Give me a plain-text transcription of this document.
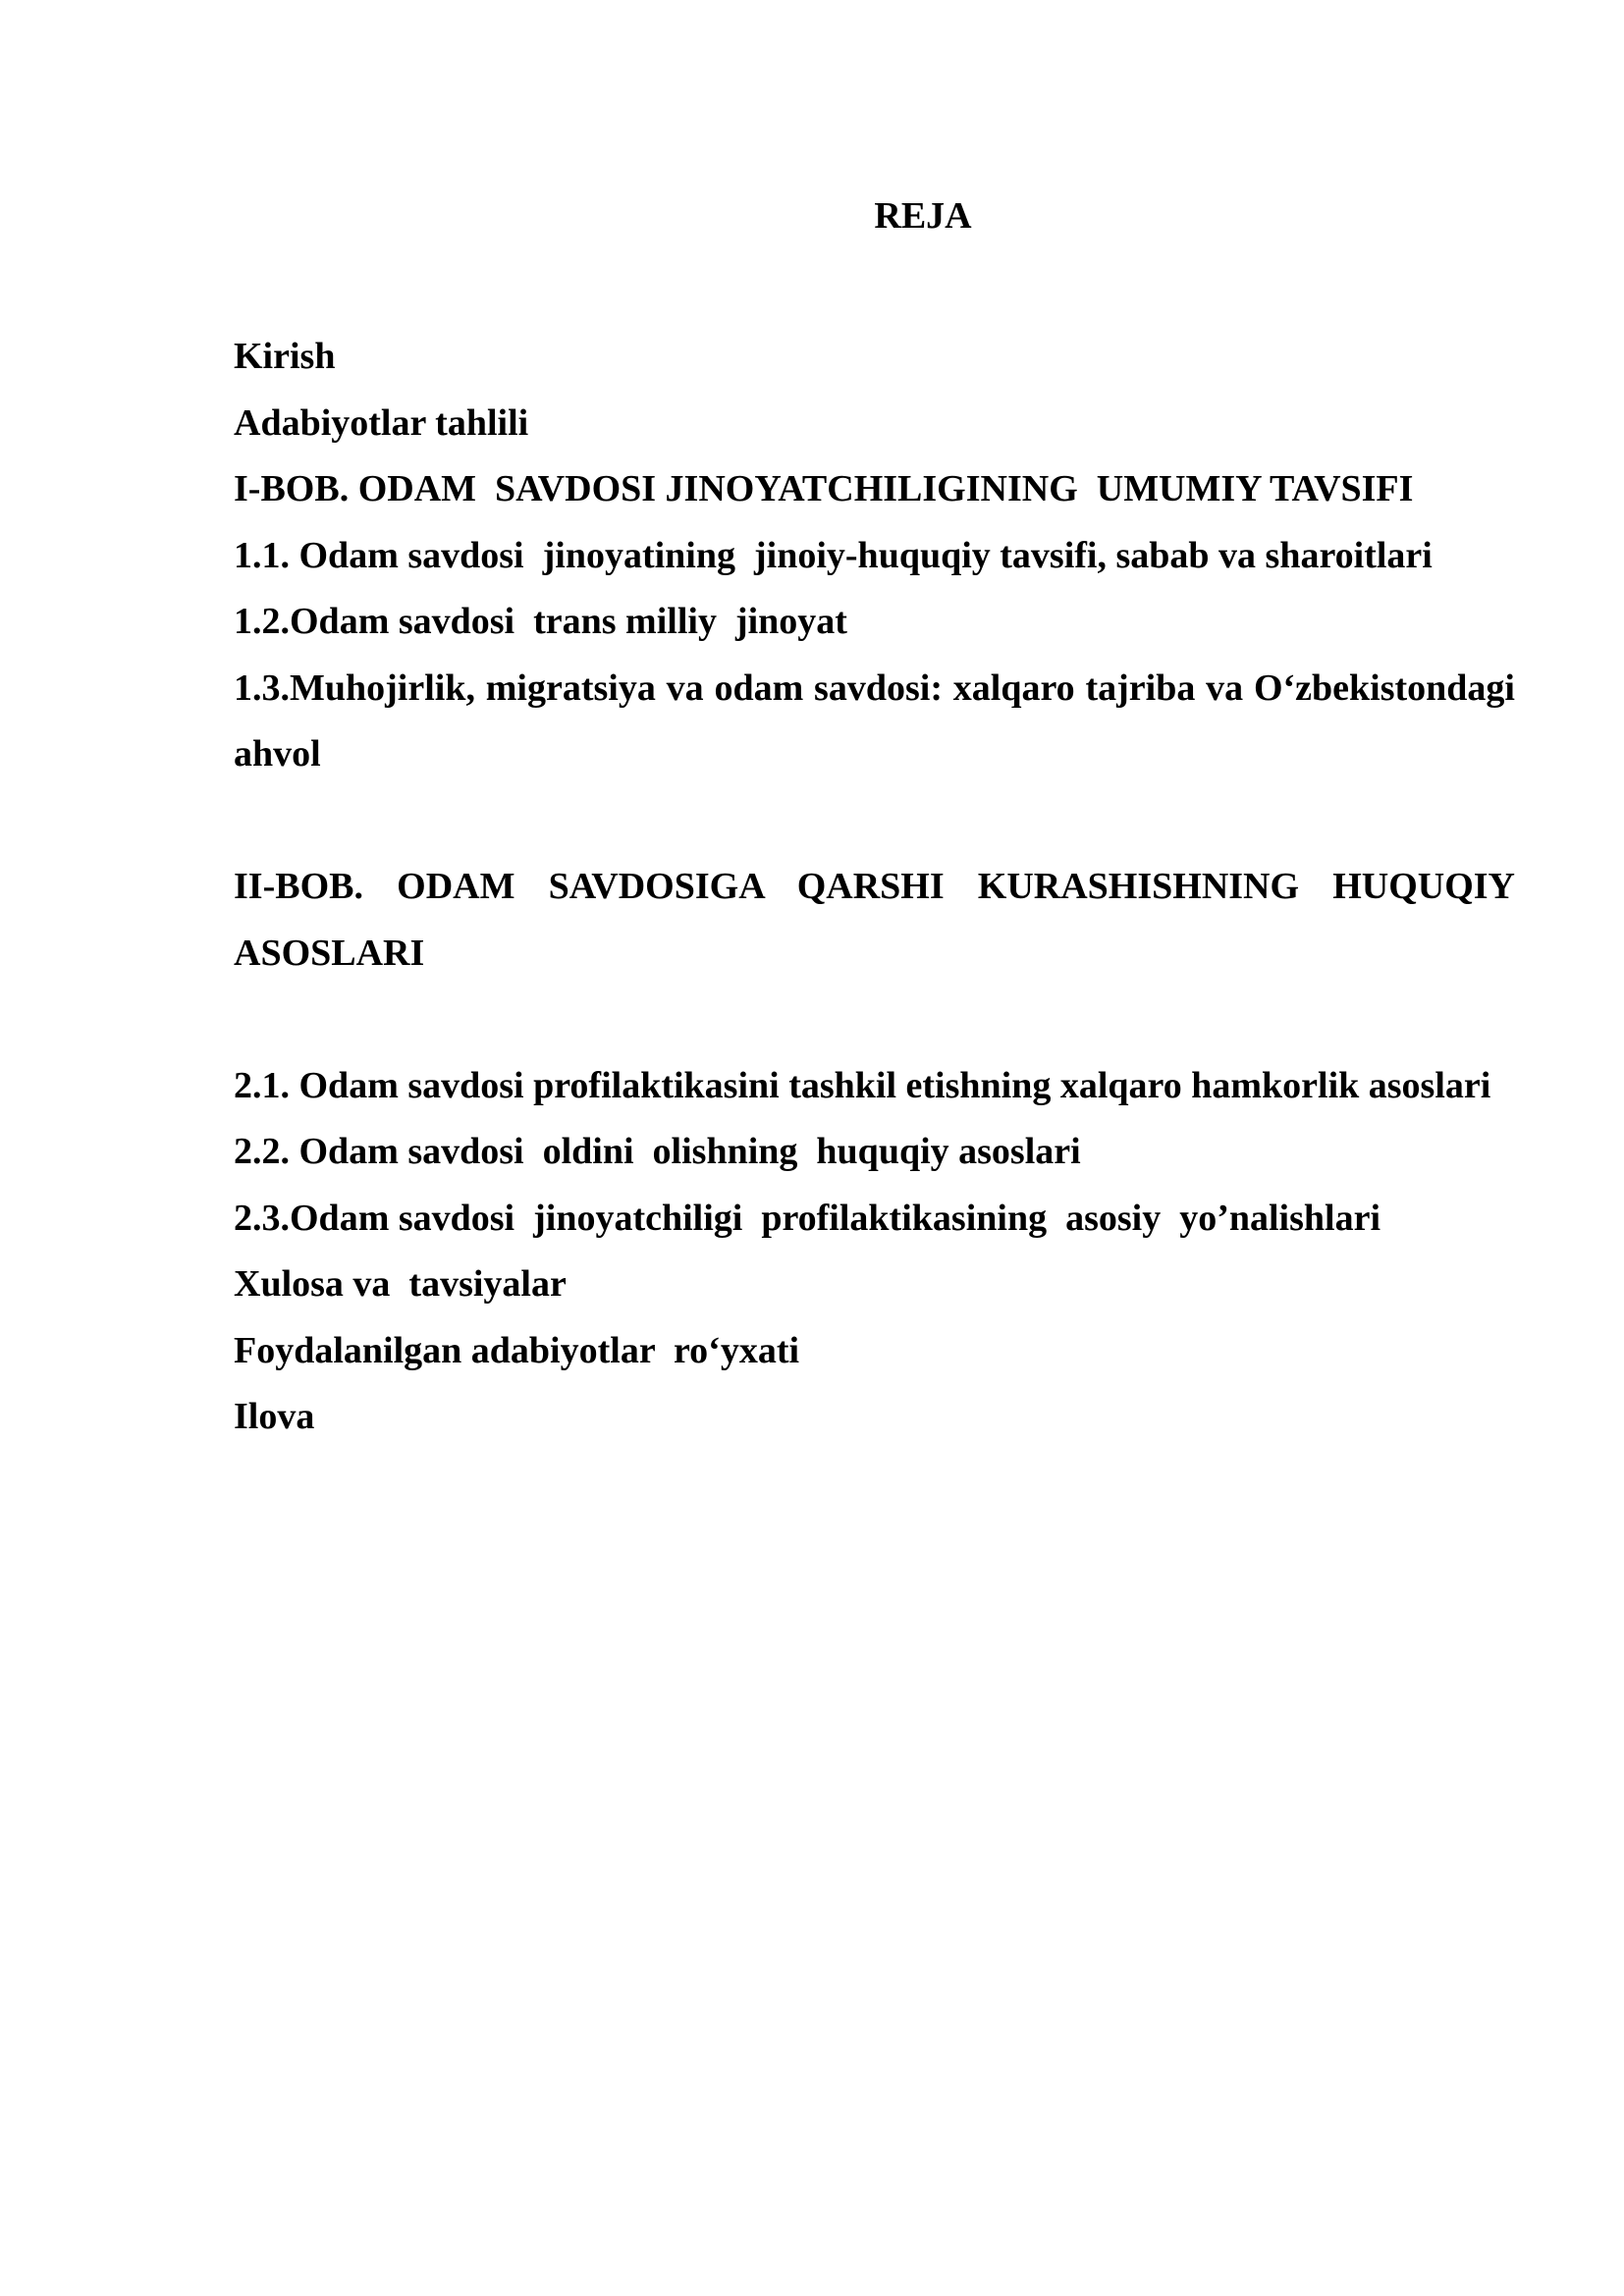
REJA
Kirish
Adabiyotlar tahlili
I-BOB. ODAM  SAVDOSI JINOYATCHILIGINING  UMUMIY TAVSIFI
1.1. Odam savdosi  jinoyatining  jinoiy-huquqiy tavsifi, sabab va sharoitlari
1.2.Odam savdosi  trans milliy  jinoyat
1.3.Muhojirlik, migratsiya va odam savdosi: xalqaro tajriba va O‘zbekistondagi ahvol
II-BOB. ODAM SAVDOSIGA QARSHI KURASHISHNING HUQUQIY ASOSLARI
2.1. Odam savdosi profilaktikasini tashkil etishning xalqaro hamkorlik asoslari
2.2. Odam savdosi  oldini  olishning  huquqiy asoslari
2.3.Odam savdosi  jinoyatchiligi  profilaktikasining  asosiy  yo’nalishlari
Xulosa va  tavsiyalar
Foydalanilgan adabiyotlar  ro‘yxati
Ilova
